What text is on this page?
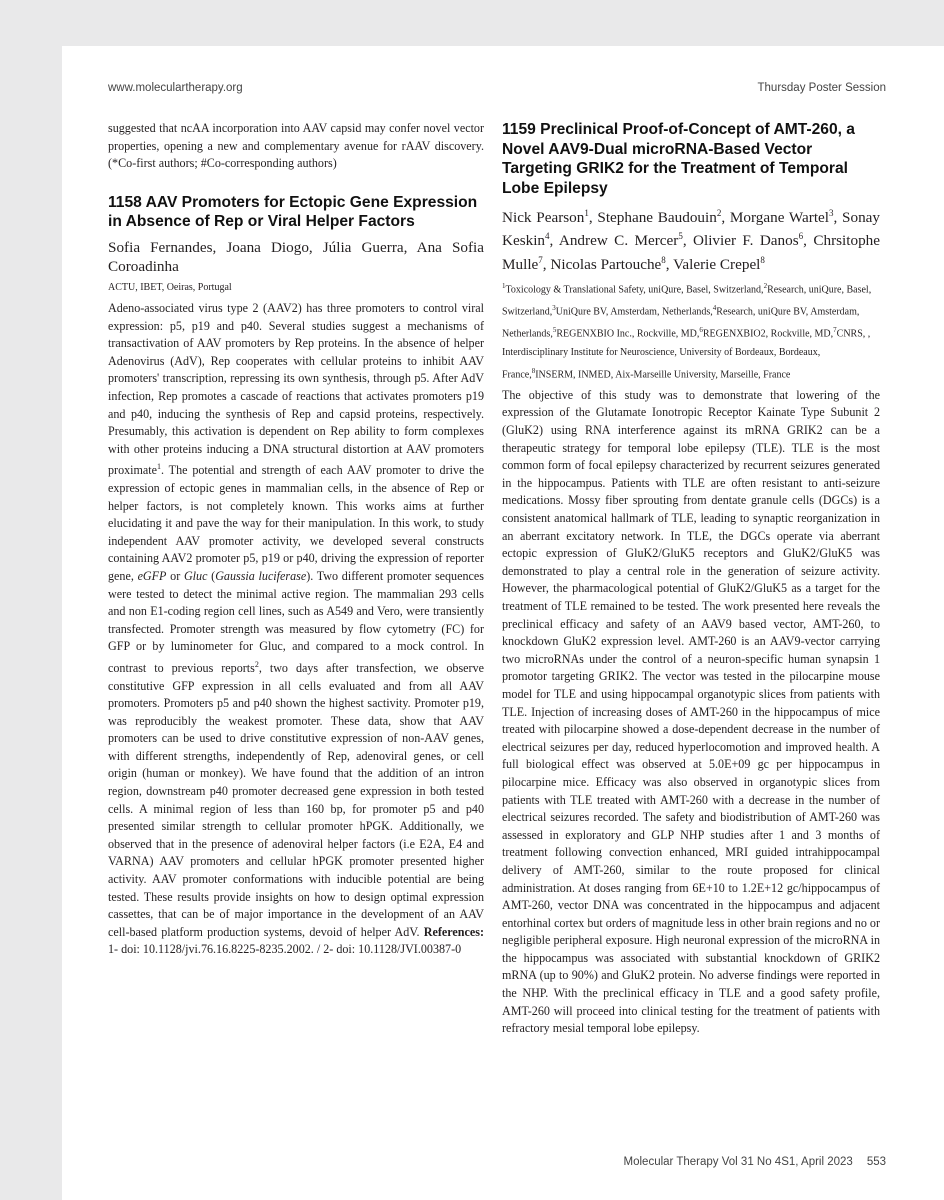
www.moleculartherapy.org	Thursday Poster Session

suggested that ncAA incorporation into AAV capsid may confer novel vector properties, opening a new and complementary avenue for rAAV discovery. (*Co-first authors; #Co-corresponding authors)

1158 AAV Promoters for Ectopic Gene Expression in Absence of Rep or Viral Helper Factors
Sofia Fernandes, Joana Diogo, Júlia Guerra, Ana Sofia Coroadinha
ACTU, IBET, Oeiras, Portugal

Adeno-associated virus type 2 (AAV2) has three promoters to control viral expression: p5, p19 and p40. Several studies suggest a mechanisms of transactivation of AAV promoters by Rep proteins. In the absence of helper Adenovirus (AdV), Rep cooperates with cellular proteins to inhibit AAV promoters' transcription, repressing its own synthesis, through p5. After AdV infection, Rep promotes a cascade of reactions that activates promoters p19 and p40, inducing the synthesis of Rep and capsid proteins, respectively. Presumably, this activation is dependent on Rep ability to form complexes with other proteins inducing a DNA structural distortion at AAV promoters proximate$^1$. The potential and strength of each AAV promoter to drive the expression of ectopic genes in mammalian cells, in the absence of Rep or helper factors, is not completely known. This works aims at further elucidating it and pave the way for their manipulation. In this work, to study independent AAV promoter activity, we developed several constructs containing AAV2 promoter p5, p19 or p40, driving the expression of reporter gene, eGFP or Gluc (Gaussia luciferase). Two different promoter sequences were tested to detect the minimal active region. The mammalian 293 cells and non E1-coding region cell lines, such as A549 and Vero, were transiently transfected. Promoter strength was measured by flow cytometry (FC) for GFP or by luminometer for Gluc, and compared to a mock control. In contrast to previous reports$^2$, two days after transfection, we observe constitutive GFP expression in all cells evaluated and from all AAV promoters. Promoters p5 and p40 shown the highest sactivity. Promoter p19, was reproducibly the weakest promoter. These data, show that AAV promoters can be used to drive constitutive expression of non-AAV genes, with different strengths, independently of Rep, adenoviral genes, or cell origin (human or monkey). We have found that the addition of an intron region, downstream p40 promoter decreased gene expression in both tested cells. A minimal region of less than 160 bp, for promoter p5 and p40 presented similar strength to cellular promoter hPGK. Additionally, we observed that in the presence of adenoviral helper factors (i.e E2A, E4 and VARNA) AAV promoters and cellular hPGK promoter presented higher activity. AAV promoter conformations with inducible potential are being tested. These results provide insights on how to design optimal expression cassettes, that can be of major importance in the development of an AAV cell-based platform production systems, devoid of helper AdV. References: 1- doi: 10.1128/jvi.76.16.8225-8235.2002. / 2- doi: 10.1128/JVI.00387-0

1159 Preclinical Proof-of-Concept of AMT-260, a Novel AAV9-Dual microRNA-Based Vector Targeting GRIK2 for the Treatment of Temporal Lobe Epilepsy
Nick Pearson$^1$, Stephane Baudouin$^2$, Morgane Wartel$^3$, Sonay Keskin$^4$, Andrew C. Mercer$^5$, Olivier F. Danos$^6$, Chrsitophe Mulle$^7$, Nicolas Partouche$^8$, Valerie Crepel$^8$
$^1$Toxicology & Translational Safety, uniQure, Basel, Switzerland,$^2$Research, uniQure, Basel, Switzerland,$^3$UniQure BV, Amsterdam, Netherlands,$^4$Research, uniQure BV, Amsterdam, Netherlands,$^5$REGENXBIO Inc., Rockville, MD,$^6$REGENXBIO2, Rockville, MD,$^7$CNRS, , Interdisciplinary Institute for Neuroscience, University of Bordeaux, Bordeaux, France,$^8$INSERM, INMED, Aix-Marseille University, Marseille, France

The objective of this study was to demonstrate that lowering of the expression of the Glutamate Ionotropic Receptor Kainate Type Subunit 2 (GluK2) using RNA interference against its mRNA GRIK2 can be a therapeutic strategy for temporal lobe epilepsy (TLE). TLE is the most common form of focal epilepsy characterized by recurrent seizures generated in the hippocampus. Patients with TLE are often resistant to anti-seizure medications. Mossy fiber sprouting from dentate granule cells (DGCs) is a consistent anatomical hallmark of TLE, leading to synaptic reorganization in an aberrant excitatory network. In TLE, the DGCs operate via aberrant ectopic expression of GluK2/GluK5 receptors and GluK2/GluK5 was demonstrated to play a central role in the generation of seizure activity. However, the pharmacological potential of GluK2/GluK5 as a target for the treatment of TLE remained to be tested. The work presented here reveals the preclinical efficacy and safety of an AAV9 based vector, AMT-260, to knockdown GluK2 expression level. AMT-260 is an AAV9-vector carrying two microRNAs under the control of a neuron-specific human synapsin 1 promotor targeting GRIK2. The vector was tested in the pilocarpine mouse model for TLE and using hippocampal organotypic slices from patients with TLE. Injection of increasing doses of AMT-260 in the hippocampus of mice treated with pilocarpine showed a dose-dependent decrease in the number of electrical seizures per day, reduced hyperlocomotion and improved health. A full biological effect was observed at 5.0E+09 gc per hippocampus in pilocarpine mice. Efficacy was also observed in organotypic slices from patients with TLE treated with AMT-260 with a decrease in the number of electrical seizures recorded. The safety and biodistribution of AMT-260 was assessed in exploratory and GLP NHP studies after 1 and 3 months of treatment following convection enhanced, MRI guided intrahippocampal delivery of AMT-260, similar to the route proposed for clinical administration. At doses ranging from 6E+10 to 1.2E+12 gc/hippocampus of AMT-260, vector DNA was concentrated in the hippocampus and adjacent entorhinal cortex but orders of magnitude less in other brain regions and no or negligible peripheral exposure. High neuronal expression of the microRNA in the hippocampus was associated with substantial knockdown of GRIK2 mRNA (up to 90%) and GluK2 protein. No adverse findings were reported in the NHP. With the preclinical efficacy in TLE and a good safety profile, AMT-260 will proceed into clinical testing for the treatment of patients with refractory mesial temporal lobe epilepsy.

Molecular Therapy Vol 31 No 4S1, April 2023 553
